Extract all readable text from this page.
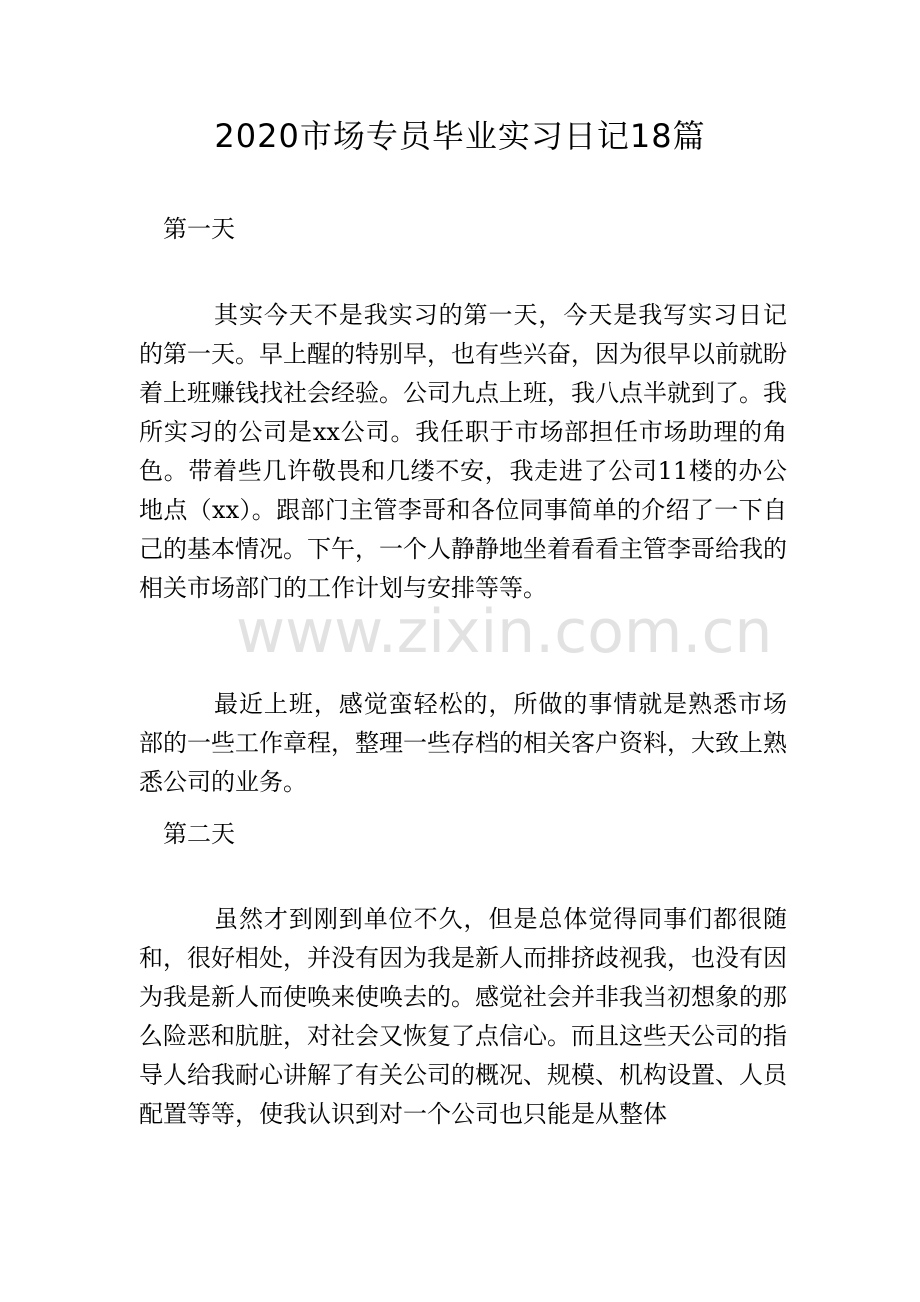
2020市场专员毕业实习日记18篇
第一天
其实今天不是我实习的第一天，今天是我写实习日记的第一天。早上醒的特别早，也有些兴奋，因为很早以前就盼着上班赚钱找社会经验。公司九点上班，我八点半就到了。我所实习的公司是xx公司。我任职于市场部担任市场助理的角色。带着些几许敬畏和几缕不安，我走进了公司11楼的办公地点（xx）。跟部门主管李哥和各位同事简单的介绍了一下自己的基本情况。下午，一个人静静地坐着看看主管李哥给我的相关市场部门的工作计划与安排等等。
最近上班，感觉蛮轻松的，所做的事情就是熟悉市场部的一些工作章程，整理一些存档的相关客户资料，大致上熟悉公司的业务。
第二天
虽然才到刚到单位不久，但是总体觉得同事们都很随和，很好相处，并没有因为我是新人而排挤歧视我，也没有因为我是新人而使唤来使唤去的。感觉社会并非我当初想象的那么险恶和肮脏，对社会又恢复了点信心。而且这些天公司的指导人给我耐心讲解了有关公司的概况、规模、机构设置、人员配置等等，使我认识到对一个公司也只能是从整体
www.zixin.com.cn
